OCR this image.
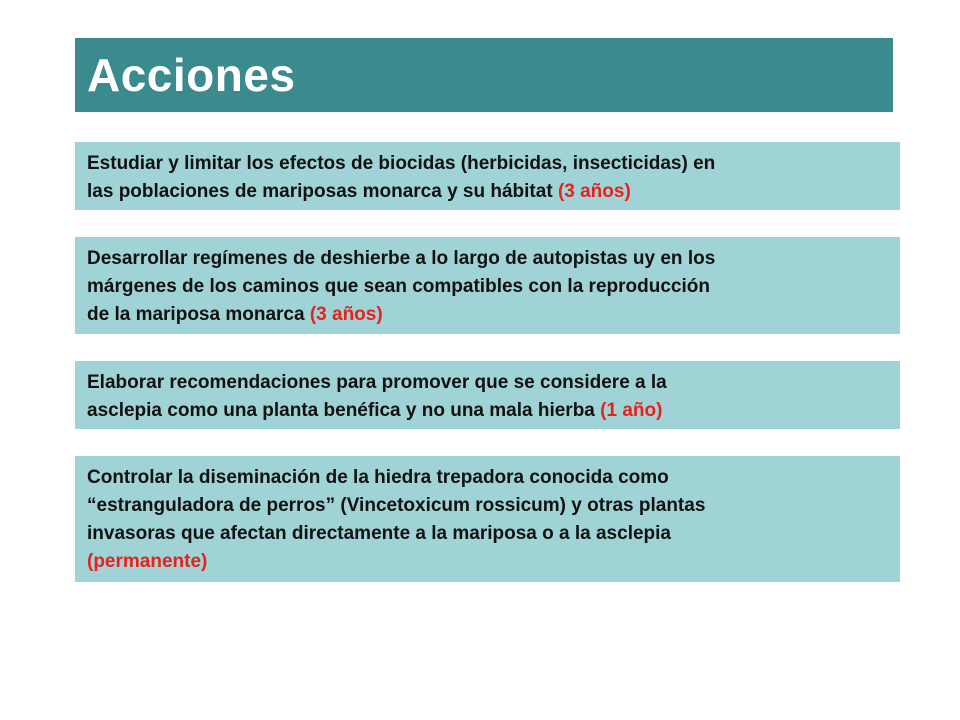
Acciones
Estudiar y limitar los efectos de biocidas (herbicidas, insecticidas) en
las poblaciones de mariposas monarca y su hábitat (3 años)
Desarrollar regímenes de deshierbe a lo largo de autopistas uy en los
márgenes de los caminos que sean compatibles con la reproducción
de la mariposa monarca (3 años)
Elaborar recomendaciones para promover que se considere a la
asclepia como una planta benéfica y no una mala hierba (1 año)
Controlar la diseminación de la hiedra trepadora conocida como
“estranguladora de perros” (Vincetoxicum rossicum) y otras plantas
invasoras que afectan directamente a la mariposa o a la asclepia
(permanente)
